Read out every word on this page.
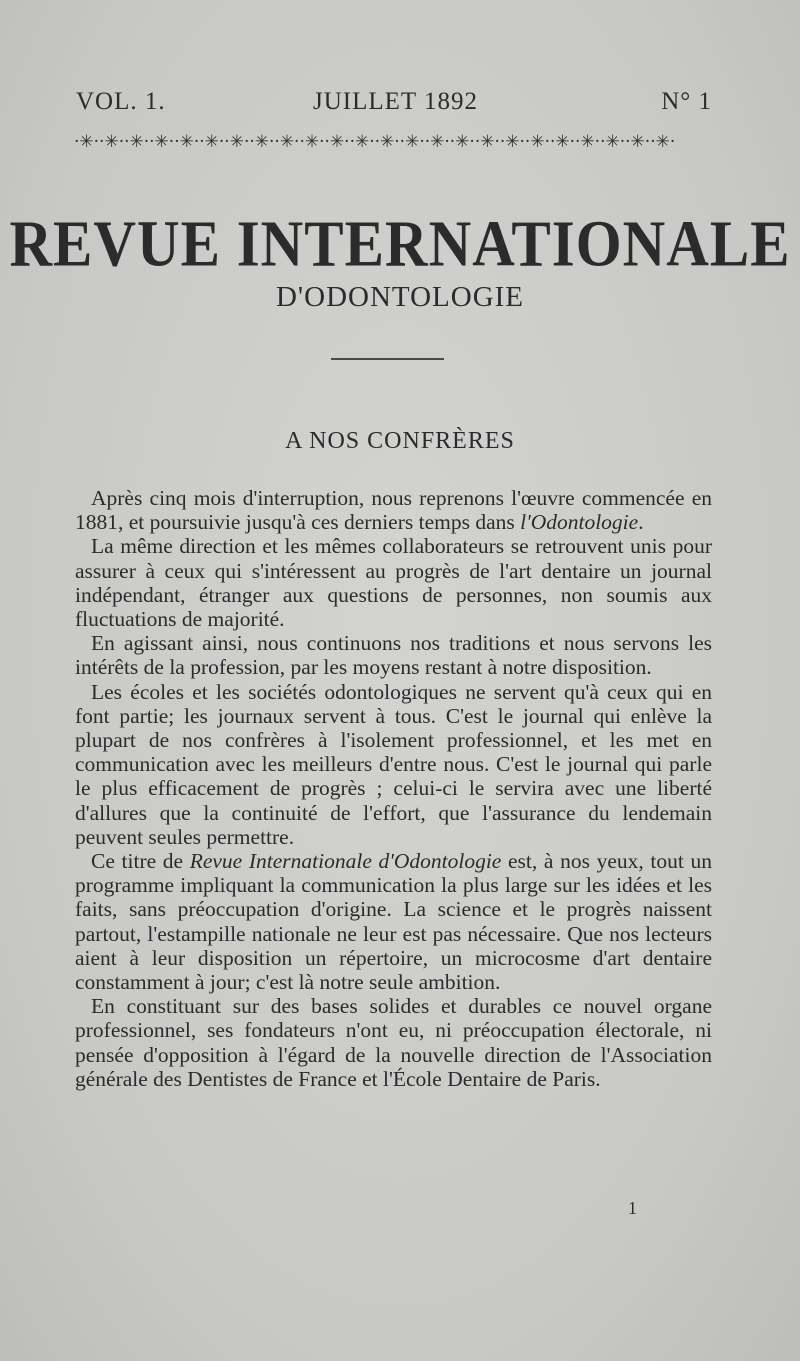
VOL. 1.	JUILLET 1892	N° 1
·✳··✳··✳··✳··✳··✳··✳··✳··✳··✳··✳··✳··✳··✳··✳··✳··✳··✳··✳··✳··✳··✳··✳··✳·
REVUE INTERNATIONALE
D'ODONTOLOGIE
A NOS CONFRÈRES

Après cinq mois d'interruption, nous reprenons l'œuvre commencée en 1881, et poursuivie jusqu'à ces derniers temps dans l'Odontologie.

La même direction et les mêmes collaborateurs se retrouvent unis pour assurer à ceux qui s'intéressent au progrès de l'art dentaire un journal indépendant, étranger aux questions de personnes, non soumis aux fluctuations de majorité.

En agissant ainsi, nous continuons nos traditions et nous servons les intérêts de la profession, par les moyens restant à notre disposition.

Les écoles et les sociétés odontologiques ne servent qu'à ceux qui en font partie; les journaux servent à tous. C'est le journal qui enlève la plupart de nos confrères à l'isolement professionnel, et les met en communication avec les meilleurs d'entre nous. C'est le journal qui parle le plus efficacement de progrès ; celui-ci le servira avec une liberté d'allures que la continuité de l'effort, que l'assurance du lendemain peuvent seules permettre.

Ce titre de Revue Internationale d'Odontologie est, à nos yeux, tout un programme impliquant la communication la plus large sur les idées et les faits, sans préoccupation d'origine. La science et le progrès naissent partout, l'estampille nationale ne leur est pas nécessaire. Que nos lecteurs aient à leur disposition un répertoire, un microcosme d'art dentaire constamment à jour; c'est là notre seule ambition.

En constituant sur des bases solides et durables ce nouvel organe professionnel, ses fondateurs n'ont eu, ni préoccupation électorale, ni pensée d'opposition à l'égard de la nouvelle direction de l'Association générale des Dentistes de France et l'École Dentaire de Paris.

1
